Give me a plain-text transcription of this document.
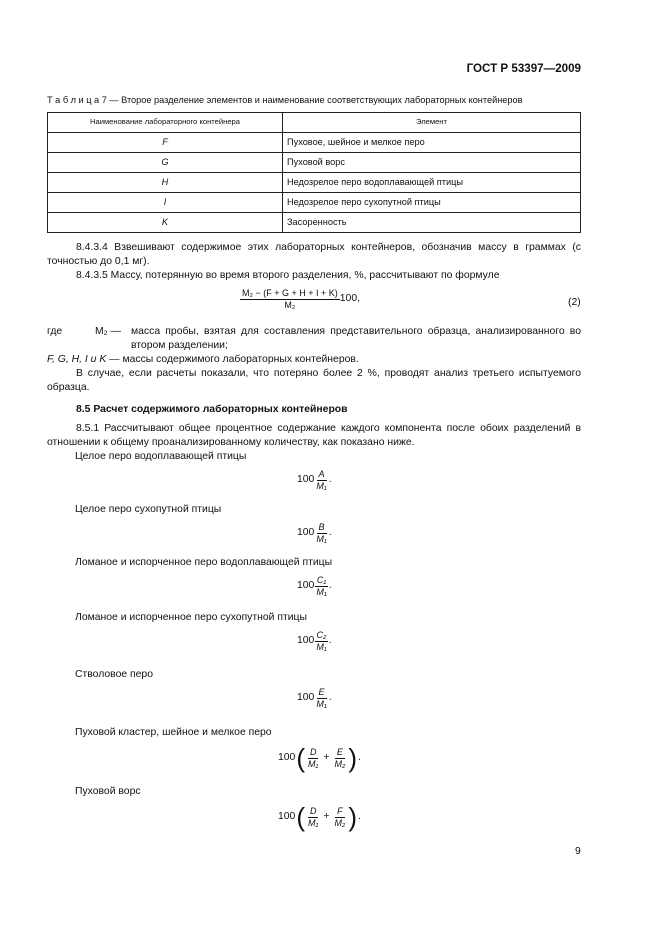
ГОСТ Р 53397—2009
Т а б л и ц а 7 — Второе разделение элементов и наименование соответствующих лабораторных контейнеров
Наименование лабораторного контейнера	Элемент
F	Пуховое, шейное и мелкое перо
G	Пуховой ворс
H	Недозрелое перо водоплавающей птицы
I	Недозрелое перо сухопутной птицы
K	Засоренность
8.4.3.4 Взвешивают содержимое этих лабораторных контейнеров, обозначив массу в граммах (с точностью до 0,1 мг).
8.4.3.5 Массу, потерянную во время второго разделения, %, рассчитывают по формуле
$\frac{\text{M₂ − (F + G + H + I + K)}}{\text{M₂}} 100$,	(2)
где	M₂ — масса пробы, взятая для составления представительного образца, анализированного во втором разделении;
F, G, H, I и K — массы содержимого лабораторных контейнеров.
В случае, если расчеты показали, что потеряно более 2 %, проводят анализ третьего испытуемого образца.
8.5 Расчет содержимого лабораторных контейнеров
8.5.1 Рассчитывают общее процентное содержание каждого компонента после обоих разделений в отношении к общему проанализированному количеству, как показано ниже.
Целое перо водоплавающей птицы
$100 \frac{A}{\text{M₁}}$ .
Целое перо сухопутной птицы
$100 \frac{B}{\text{M₁}}$ .
Ломаное и испорченное перо водоплавающей птицы
$100 \frac{\text{C₁}}{\text{M₁}}$ .
Ломаное и испорченное перо сухопутной птицы
$100 \frac{\text{C₂}}{\text{M₁}}$ .
Стволовое перо
$100 \frac{E}{\text{M₁}}$ .
Пуховой кластер, шейное и мелкое перо
100 ( $\frac{D}{\text{M₁}} + \frac{E}{\text{M₂}}$ ) .
Пуховой ворс
100 ( $\frac{D}{\text{M₁}} + \frac{F}{\text{M₂}}$ ) .
9
